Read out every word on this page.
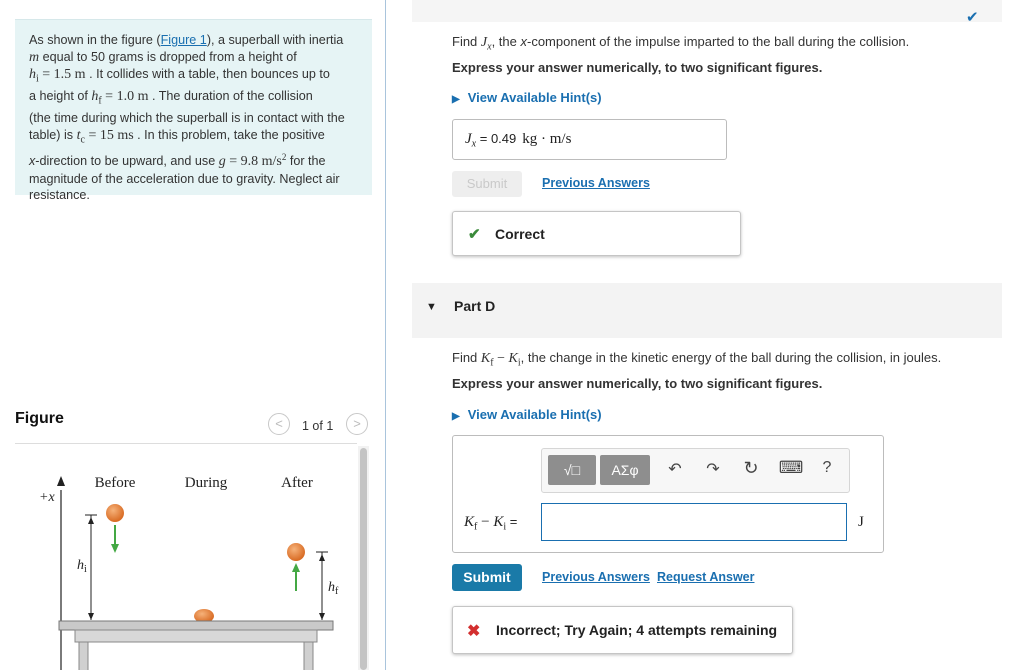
As shown in the figure (Figure 1), a superball with inertia
m equal to 50 grams is dropped from a height of
$h_i = 1.5$ m . It collides with a table, then bounces up to
a height of $h_f = 1.0$ m . The duration of the collision
(the time during which the superball is in contact with the
table) is $t_c = 15$ ms . In this problem, take the positive
x-direction to be upward, and use g = 9.8 $m/s^2$ for the
magnitude of the acceleration due to gravity. Neglect air
resistance.
Figure	<	1 of 1	>
+x
Before	During	After
$h_i$
$h_f$
✔
Find $J_x$, the x-component of the impulse imparted to the ball during the collision.
Express your answer numerically, to two significant figures.
▶ View Available Hint(s)
$J_x = 0.49$ kg · m/s
Submit	Previous Answers
✔ Correct
▼ Part D
Find $K_f - K_i$, the change in the kinetic energy of the ball during the collision, in joules.
Express your answer numerically, to two significant figures.
▶ View Available Hint(s)
√□	ΑΣφ	↶ ↷ ↻ ⌨ ?
$K_f - K_i$ =	J
Submit	Previous Answers Request Answer
✖ Incorrect; Try Again; 4 attempts remaining
